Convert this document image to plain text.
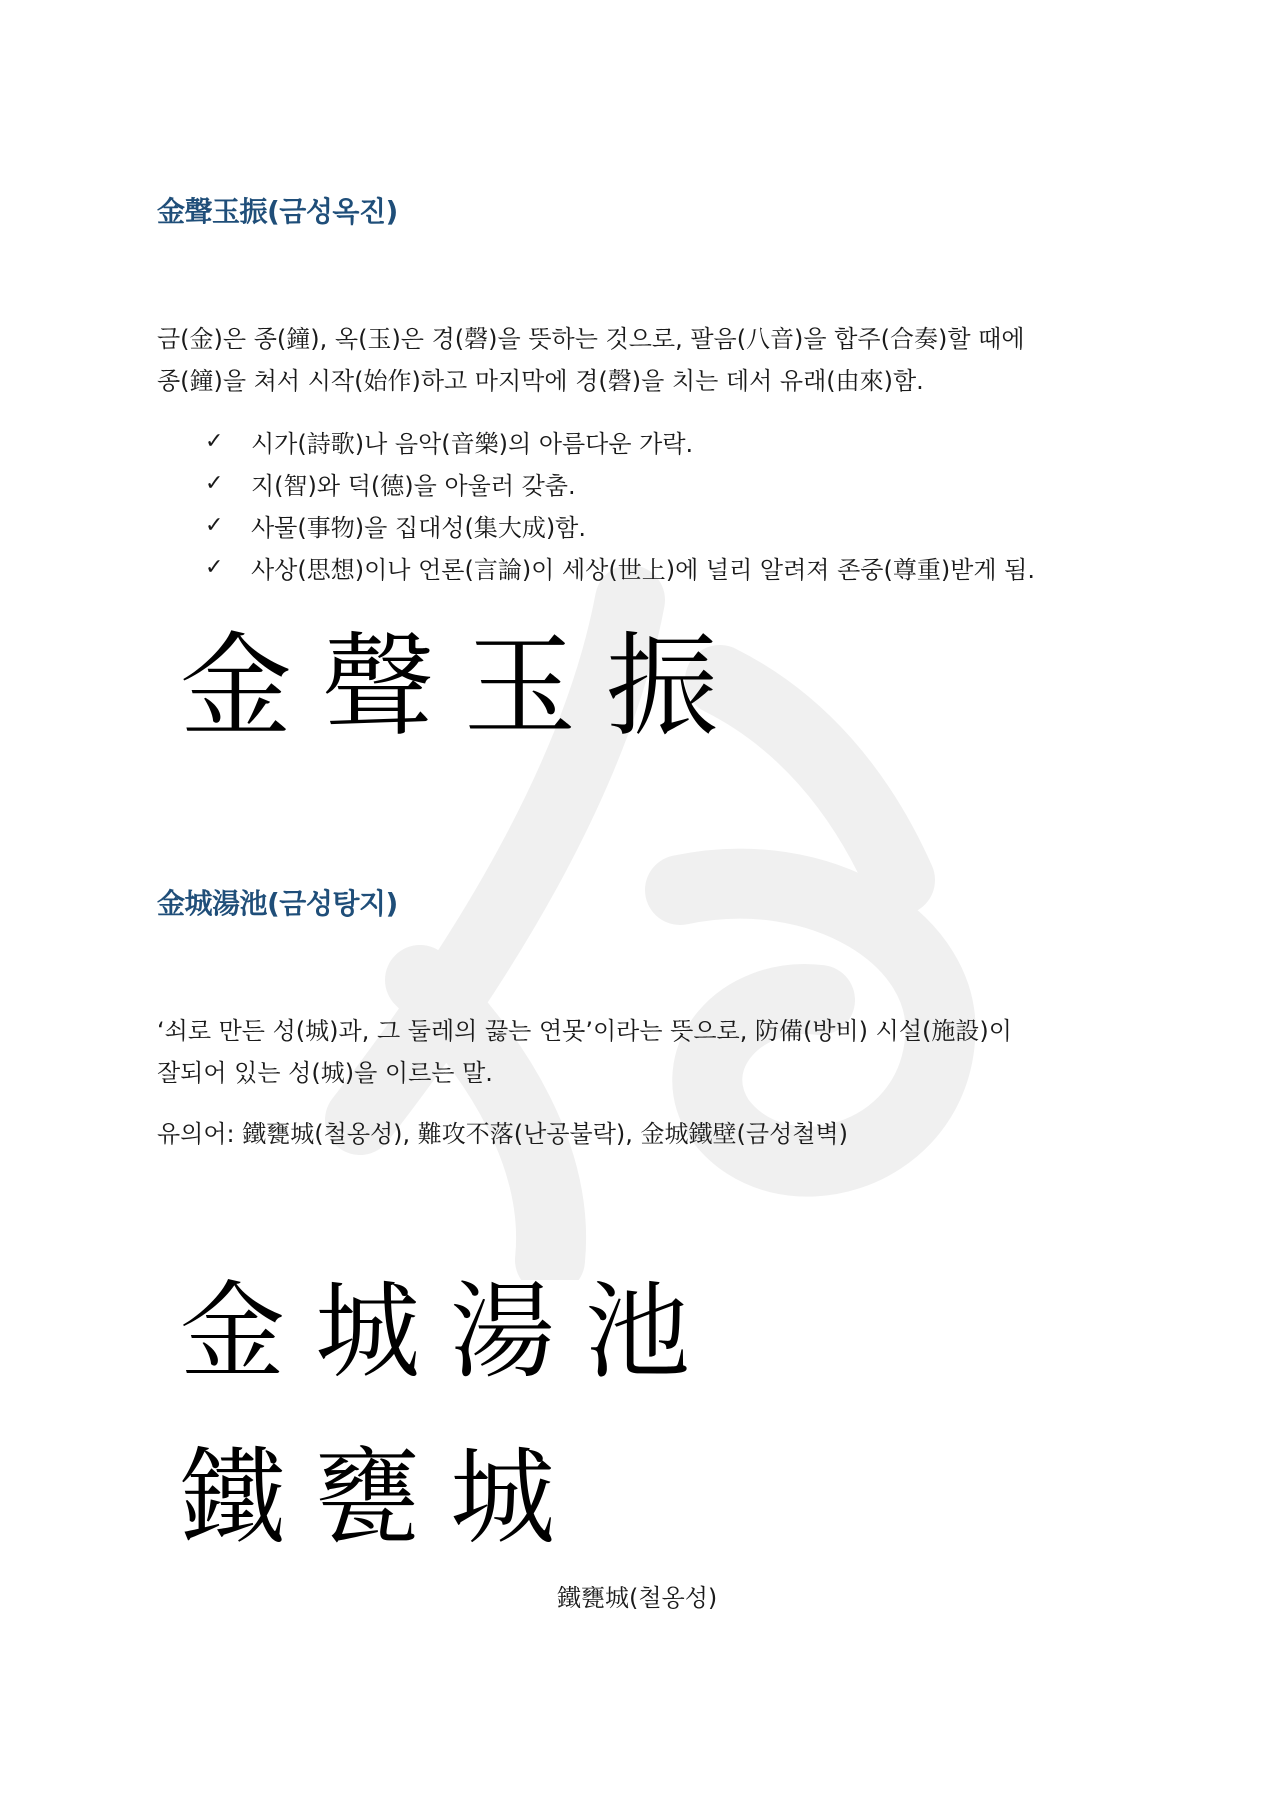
金聲玉振(금성옥진)
금(金)은 종(鐘), 옥(玉)은 경(磬)을 뜻하는 것으로, 팔음(八音)을 합주(合奏)할 때에
종(鐘)을 쳐서 시작(始作)하고 마지막에 경(磬)을 치는 데서 유래(由來)함.
✓	시가(詩歌)나 음악(音樂)의 아름다운 가락.
✓	지(智)와 덕(德)을 아울러 갖춤.
✓	사물(事物)을 집대성(集大成)함.
✓	사상(思想)이나 언론(言論)이 세상(世上)에 널리 알려져 존중(尊重)받게 됨.
金聲玉振
金城湯池(금성탕지)
‘쇠로 만든 성(城)과, 그 둘레의 끓는 연못’이라는 뜻으로, 防備(방비) 시설(施設)이
잘되어 있는 성(城)을 이르는 말.
유의어: 鐵甕城(철옹성), 難攻不落(난공불락), 金城鐵壁(금성철벽)
金城湯池
鐵甕城
鐵甕城(철옹성)
